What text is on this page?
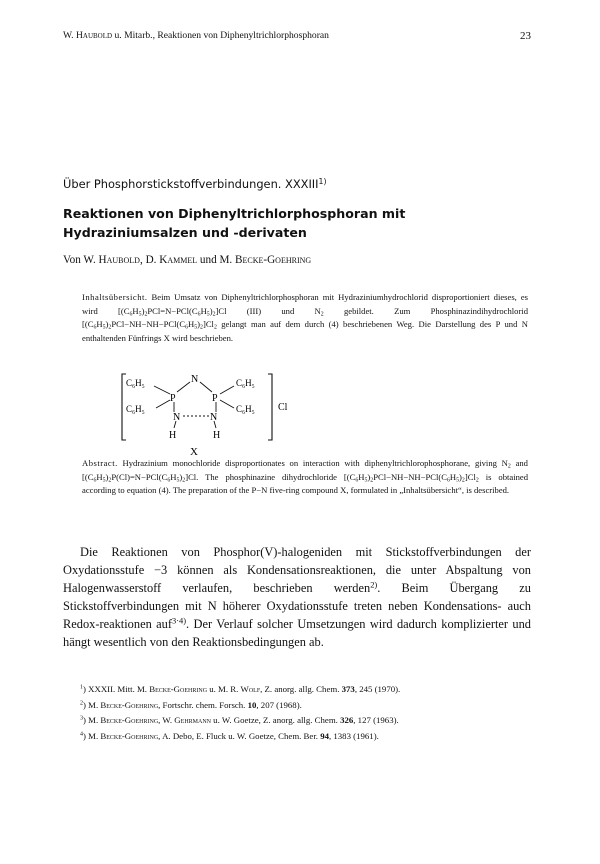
W. Haubold u. Mitarb., Reaktionen von Diphenyltrichlorphosphoran	23
Über Phosphorstickstoffverbindungen. XXXIII$^{1)}$
Reaktionen von Diphenyltrichlorphosphoran mit
Hydraziniumsalzen und -derivaten
Von W. Haubold, D. Kammel und M. Becke-Goehring
Inhaltsübersicht. Beim Umsatz von Diphenyltrichlorphosphoran mit Hydraziniumhydrochlorid disproportioniert dieses, es wird $[(C_6H_5)_2PCl=N-PCl(C_6H_5)_2]Cl$ (III) und $N_2$ gebildet. Zum Phosphinazindihydrochlorid $[(C_6H_5)_2PCl-NH-NH-PCl(C_6H_5)_2]Cl_2$ gelangt man auf dem durch (4) beschriebenen Weg. Die Darstellung des P und N enthaltenden Fünfrings X wird beschrieben.
C₆H₅
C₆H₅
C₆H₅
C₆H₅
P	P
N
N	N
H	H
Cl
X
Abstract. Hydrazinium monochloride disproportionates on interaction with diphenyltrichlorophosphorane, giving $N_2$ and $[(C_6H_5)_2P(Cl)=N-PCl(C_6H_5)_2]Cl$. The phosphinazine dihydrochloride $[(C_6H_5)_2PCl-NH-NH-PCl(C_6H_5)_2]Cl_2$ is obtained according to equation (4). The preparation of the P−N five-ring compound X, formulated in „Inhaltsübersicht“, is described.
Die Reaktionen von Phosphor(V)-halogeniden mit Stickstoffverbindungen der Oxydationsstufe −3 können als Kondensationsreaktionen, die unter Abspaltung von Halogenwasserstoff verlaufen, beschrieben werden$^{2)}$. Beim Übergang zu Stickstoffverbindungen mit N höherer Oxydationsstufe treten neben Kondensations- auch Redox-reaktionen auf$^{3\cdot 4)}$. Der Verlauf solcher Umsetzungen wird dadurch komplizierter und hängt wesentlich von den Reaktionsbedingungen ab.

$^1$) XXXII. Mitt. M. Becke-Goehring u. M. R. Wolf, Z. anorg. allg. Chem. 373, 245 (1970).

$^2$) M. Becke-Goehring, Fortschr. chem. Forsch. 10, 207 (1968).

$^3$) M. Becke-Goehring, W. Gehrmann u. W. Goetze, Z. anorg. allg. Chem. 326, 127 (1963).

$^4$) M. Becke-Goehring, A. Debo, E. Fluck u. W. Goetze, Chem. Ber. 94, 1383 (1961).
